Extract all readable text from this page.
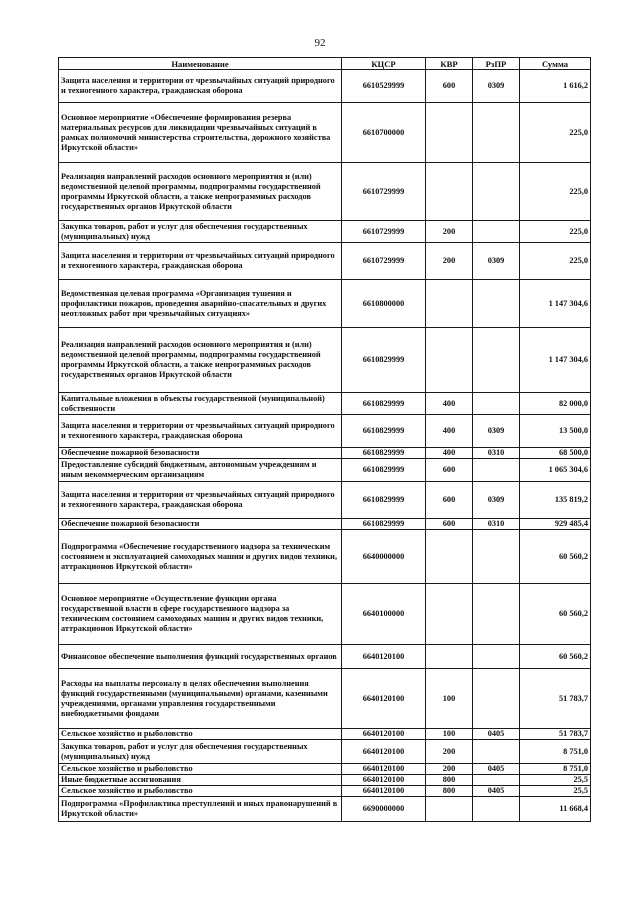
92
Наименование	КЦСР	КВР	РзПР	Сумма
Защита населения и территории от чрезвычайных ситуаций природного и техногенного характера, гражданская оборона	6610529999	600	0309	1 616,2
Основное мероприятие «Обеспечение формирования резерва материальных ресурсов для ликвидации чрезвычайных ситуаций в рамках полномочий министерства строительства, дорожного хозяйства Иркутской области»	6610700000			225,0
Реализация направлений расходов основного мероприятия и (или) ведомственной целевой программы, подпрограммы государственной программы Иркутской области, а также непрограммных расходов государственных органов Иркутской области	6610729999			225,0
Закупка товаров, работ и услуг для обеспечения государственных (муниципальных) нужд	6610729999	200		225,0
Защита населения и территории от чрезвычайных ситуаций природного и техногенного характера, гражданская оборона	6610729999	200	0309	225,0
Ведомственная целевая программа «Организация тушения и профилактики пожаров, проведения аварийно-спасательных и других неотложных работ при чрезвычайных ситуациях»	6610800000			1 147 304,6
Реализация направлений расходов основного мероприятия и (или) ведомственной целевой программы, подпрограммы государственной программы Иркутской области, а также непрограммных расходов государственных органов Иркутской области	6610829999			1 147 304,6
Капитальные вложения в объекты государственной (муниципальной) собственности	6610829999	400		82 000,0
Защита населения и территории от чрезвычайных ситуаций природного и техногенного характера, гражданская оборона	6610829999	400	0309	13 500,0
Обеспечение пожарной безопасности	6610829999	400	0310	68 500,0
Предоставление субсидий бюджетным, автономным учреждениям и иным некоммерческим организациям	6610829999	600		1 065 304,6
Защита населения и территории от чрезвычайных ситуаций природного и техногенного характера, гражданская оборона	6610829999	600	0309	135 819,2
Обеспечение пожарной безопасности	6610829999	600	0310	929 485,4
Подпрограмма «Обеспечение государственного надзора за техническим состоянием и эксплуатацией самоходных машин и других видов техники, аттракционов Иркутской области»	6640000000			60 560,2
Основное мероприятие «Осуществление функции органа государственной власти в сфере государственного надзора за техническим состоянием самоходных машин и других видов техники, аттракционов Иркутской области»	6640100000			60 560,2
Финансовое обеспечение выполнения функций государственных органов	6640120100			60 560,2
Расходы на выплаты персоналу в целях обеспечения выполнения функций государственными (муниципальными) органами, казенными учреждениями, органами управления государственными внебюджетными фондами	6640120100	100		51 783,7
Сельское хозяйство и рыболовство	6640120100	100	0405	51 783,7
Закупка товаров, работ и услуг для обеспечения государственных (муниципальных) нужд	6640120100	200		8 751,0
Сельское хозяйство и рыболовство	6640120100	200	0405	8 751,0
Иные бюджетные ассигнования	6640120100	800		25,5
Сельское хозяйство и рыболовство	6640120100	800	0405	25,5
Подпрограмма «Профилактика преступлений и иных правонарушений в Иркутской области»	6690000000			11 668,4
